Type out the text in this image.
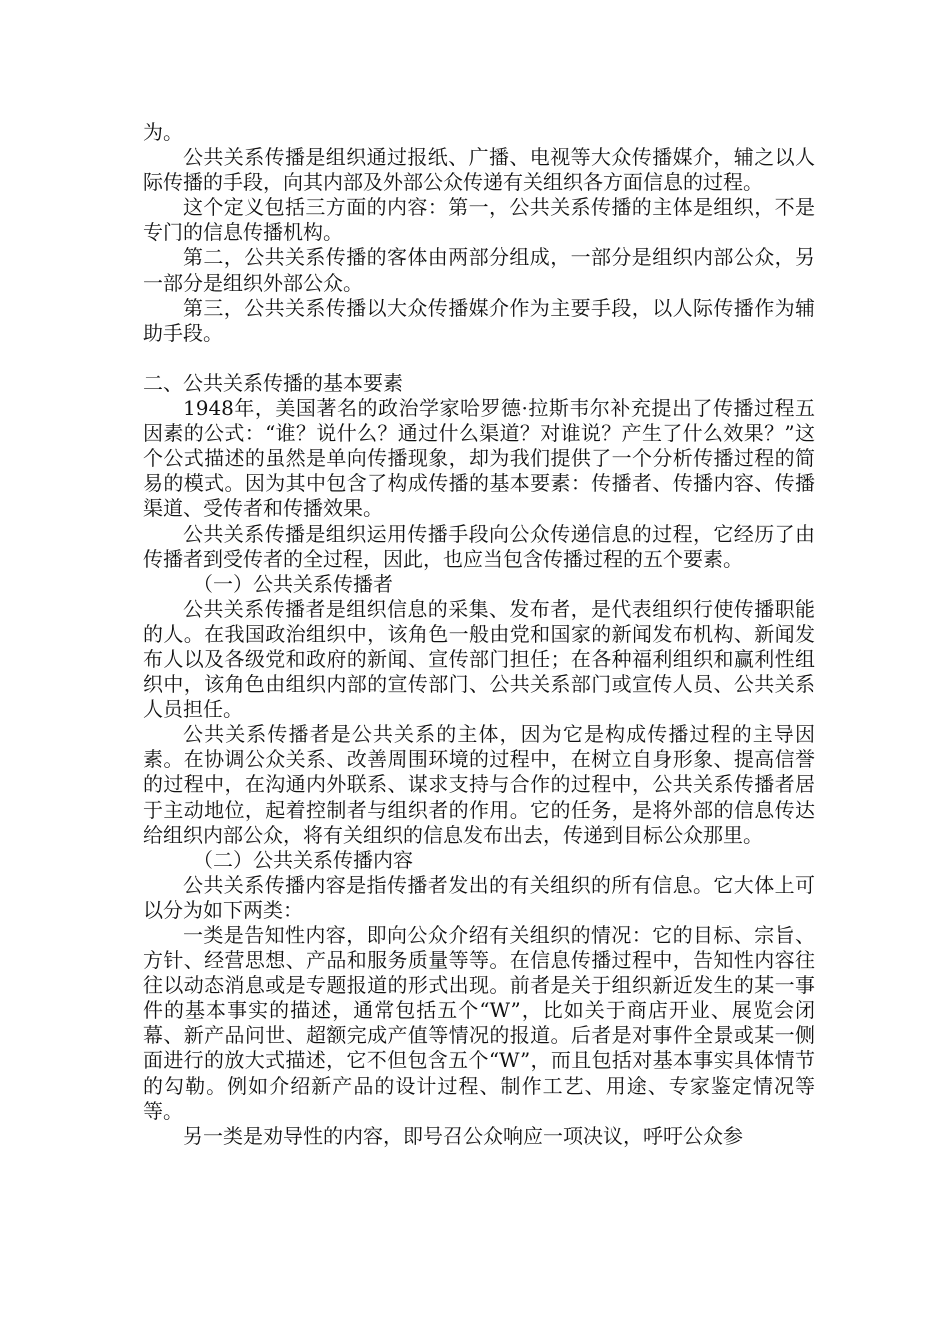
为。

公共关系传播是组织通过报纸、广播、电视等大众传播媒介，辅之以人际传播的手段，向其内部及外部公众传递有关组织各方面信息的过程。

这个定义包括三方面的内容：第一，公共关系传播的主体是组织，不是专门的信息传播机构。

第二，公共关系传播的客体由两部分组成，一部分是组织内部公众，另一部分是组织外部公众。

第三，公共关系传播以大众传播媒介作为主要手段，以人际传播作为辅助手段。

二、公共关系传播的基本要素

1948年，美国著名的政治学家哈罗德·拉斯韦尔补充提出了传播过程五因素的公式：“谁？说什么？通过什么渠道？对谁说？产生了什么效果？”这个公式描述的虽然是单向传播现象，却为我们提供了一个分析传播过程的简易的模式。因为其中包含了构成传播的基本要素：传播者、传播内容、传播渠道、受传者和传播效果。

公共关系传播是组织运用传播手段向公众传递信息的过程，它经历了由传播者到受传者的全过程，因此，也应当包含传播过程的五个要素。

（一）公共关系传播者

公共关系传播者是组织信息的采集、发布者，是代表组织行使传播职能的人。在我国政治组织中，该角色一般由党和国家的新闻发布机构、新闻发布人以及各级党和政府的新闻、宣传部门担任；在各种福利组织和赢利性组织中，该角色由组织内部的宣传部门、公共关系部门或宣传人员、公共关系人员担任。

公共关系传播者是公共关系的主体，因为它是构成传播过程的主导因素。在协调公众关系、改善周围环境的过程中，在树立自身形象、提高信誉的过程中，在沟通内外联系、谋求支持与合作的过程中，公共关系传播者居于主动地位，起着控制者与组织者的作用。它的任务，是将外部的信息传达给组织内部公众，将有关组织的信息发布出去，传递到目标公众那里。

（二）公共关系传播内容

公共关系传播内容是指传播者发出的有关组织的所有信息。它大体上可以分为如下两类：

一类是告知性内容，即向公众介绍有关组织的情况：它的目标、宗旨、方针、经营思想、产品和服务质量等等。在信息传播过程中，告知性内容往往以动态消息或是专题报道的形式出现。前者是关于组织新近发生的某一事件的基本事实的描述，通常包括五个“W”，比如关于商店开业、展览会闭幕、新产品问世、超额完成产值等情况的报道。后者是对事件全景或某一侧面进行的放大式描述，它不但包含五个“W”，而且包括对基本事实具体情节的勾勒。例如介绍新产品的设计过程、制作工艺、用途、专家鉴定情况等等。

另一类是劝导性的内容，即号召公众响应一项决议，呼吁公众参
